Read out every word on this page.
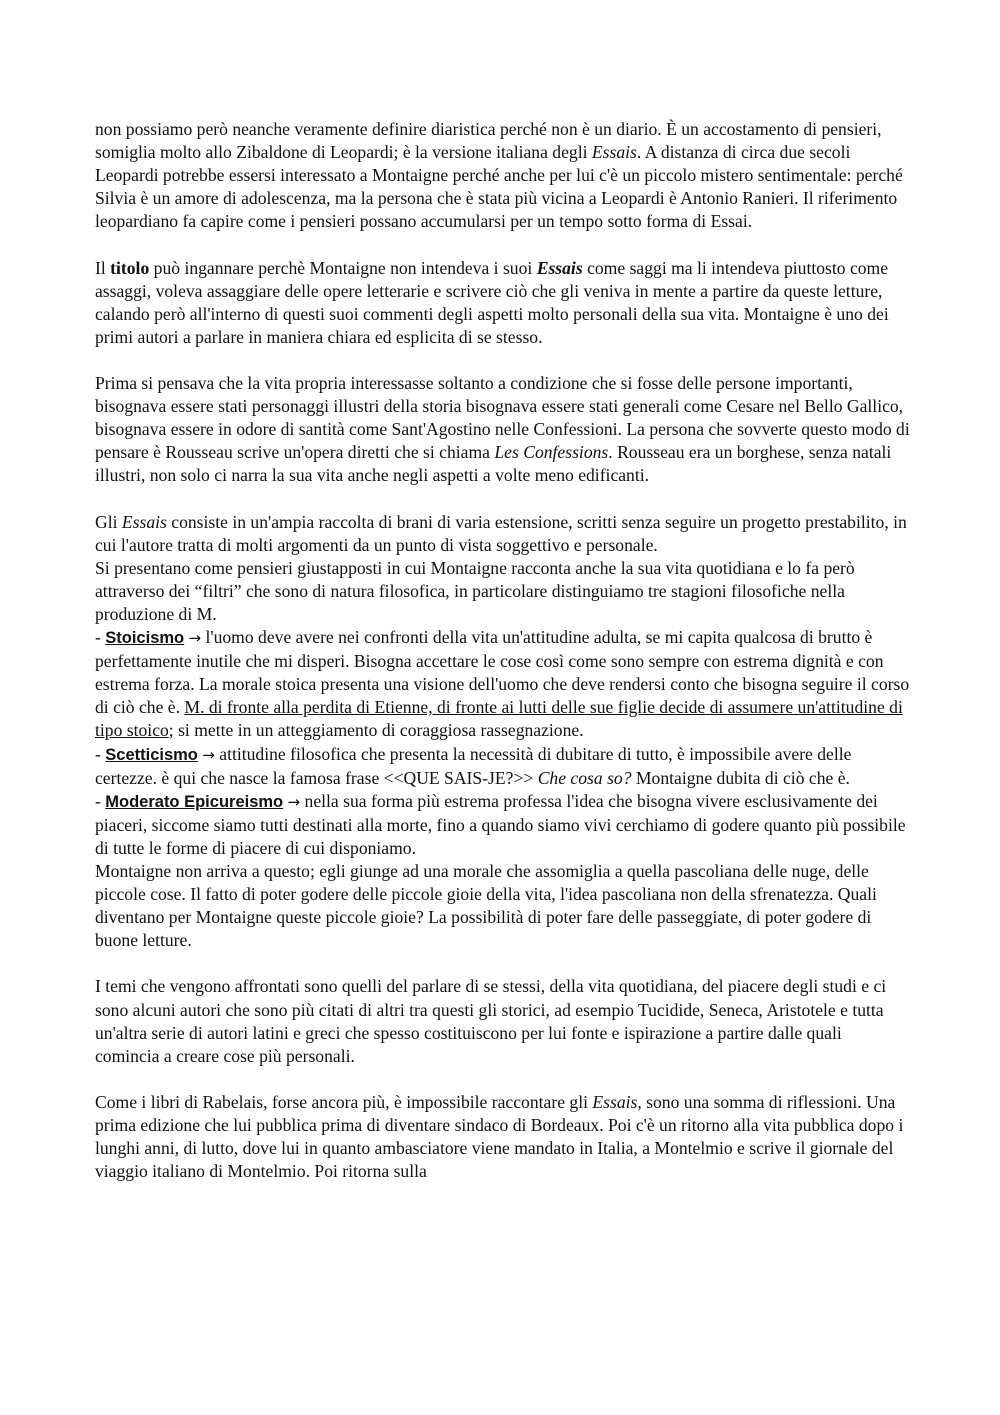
non possiamo però neanche veramente definire diaristica perché non è un diario. È un accostamento di pensieri, somiglia molto allo Zibaldone di Leopardi; è la versione italiana degli Essais. A distanza di circa due secoli Leopardi potrebbe essersi interessato a Montaigne perché anche per lui c'è un piccolo mistero sentimentale: perché Silvia è un amore di adolescenza, ma la persona che è stata più vicina a Leopardi è Antonio Ranieri. Il riferimento leopardiano fa capire come i pensieri possano accumularsi per un tempo sotto forma di Essai.

Il titolo può ingannare perchè Montaigne non intendeva i suoi Essais come saggi ma li intendeva piuttosto come assaggi, voleva assaggiare delle opere letterarie e scrivere ciò che gli veniva in mente a partire da queste letture, calando però all'interno di questi suoi commenti degli aspetti molto personali della sua vita. Montaigne è uno dei primi autori a parlare in maniera chiara ed esplicita di se stesso.

Prima si pensava che la vita propria interessasse soltanto a condizione che si fosse delle persone importanti, bisognava essere stati personaggi illustri della storia bisognava essere stati generali come Cesare nel Bello Gallico, bisognava essere in odore di santità come Sant'Agostino nelle Confessioni. La persona che sovverte questo modo di pensare è Rousseau scrive un'opera diretti che si chiama Les Confessions. Rousseau era un borghese, senza natali illustri, non solo ci narra la sua vita anche negli aspetti a volte meno edificanti.

Gli Essais consiste in un'ampia raccolta di brani di varia estensione, scritti senza seguire un progetto prestabilito, in cui l'autore tratta di molti argomenti da un punto di vista soggettivo e personale.

Si presentano come pensieri giustapposti in cui Montaigne racconta anche la sua vita quotidiana e lo fa però attraverso dei “filtri” che sono di natura filosofica, in particolare distinguiamo tre stagioni filosofiche nella produzione di M.

- Stoicismo → l'uomo deve avere nei confronti della vita un'attitudine adulta, se mi capita qualcosa di brutto è perfettamente inutile che mi disperi. Bisogna accettare le cose così come sono sempre con estrema dignità e con estrema forza. La morale stoica presenta una visione dell'uomo che deve rendersi conto che bisogna seguire il corso di ciò che è. M. di fronte alla perdita di Etienne, di fronte ai lutti delle sue figlie decide di assumere un'attitudine di tipo stoico; si mette in un atteggiamento di coraggiosa rassegnazione.

- Scetticismo → attitudine filosofica che presenta la necessità di dubitare di tutto, è impossibile avere delle certezze. è qui che nasce la famosa frase <<QUE SAIS-JE?>> Che cosa so? Montaigne dubita di ciò che è.

- Moderato Epicureismo → nella sua forma più estrema professa l'idea che bisogna vivere esclusivamente dei piaceri, siccome siamo tutti destinati alla morte, fino a quando siamo vivi cerchiamo di godere quanto più possibile di tutte le forme di piacere di cui disponiamo.

Montaigne non arriva a questo; egli giunge ad una morale che assomiglia a quella pascoliana delle nuge, delle piccole cose. Il fatto di poter godere delle piccole gioie della vita, l'idea pascoliana non della sfrenatezza. Quali diventano per Montaigne queste piccole gioie? La possibilità di poter fare delle passeggiate, di poter godere di buone letture.

I temi che vengono affrontati sono quelli del parlare di se stessi, della vita quotidiana, del piacere degli studi e ci sono alcuni autori che sono più citati di altri tra questi gli storici, ad esempio Tucidide, Seneca, Aristotele e tutta un'altra serie di autori latini e greci che spesso costituiscono per lui fonte e ispirazione a partire dalle quali comincia a creare cose più personali.

Come i libri di Rabelais, forse ancora più, è impossibile raccontare gli Essais, sono una somma di riflessioni. Una prima edizione che lui pubblica prima di diventare sindaco di Bordeaux. Poi c'è un ritorno alla vita pubblica dopo i lunghi anni, di lutto, dove lui in quanto ambasciatore viene mandato in Italia, a Montelmio e scrive il giornale del viaggio italiano di Montelmio. Poi ritorna sulla
